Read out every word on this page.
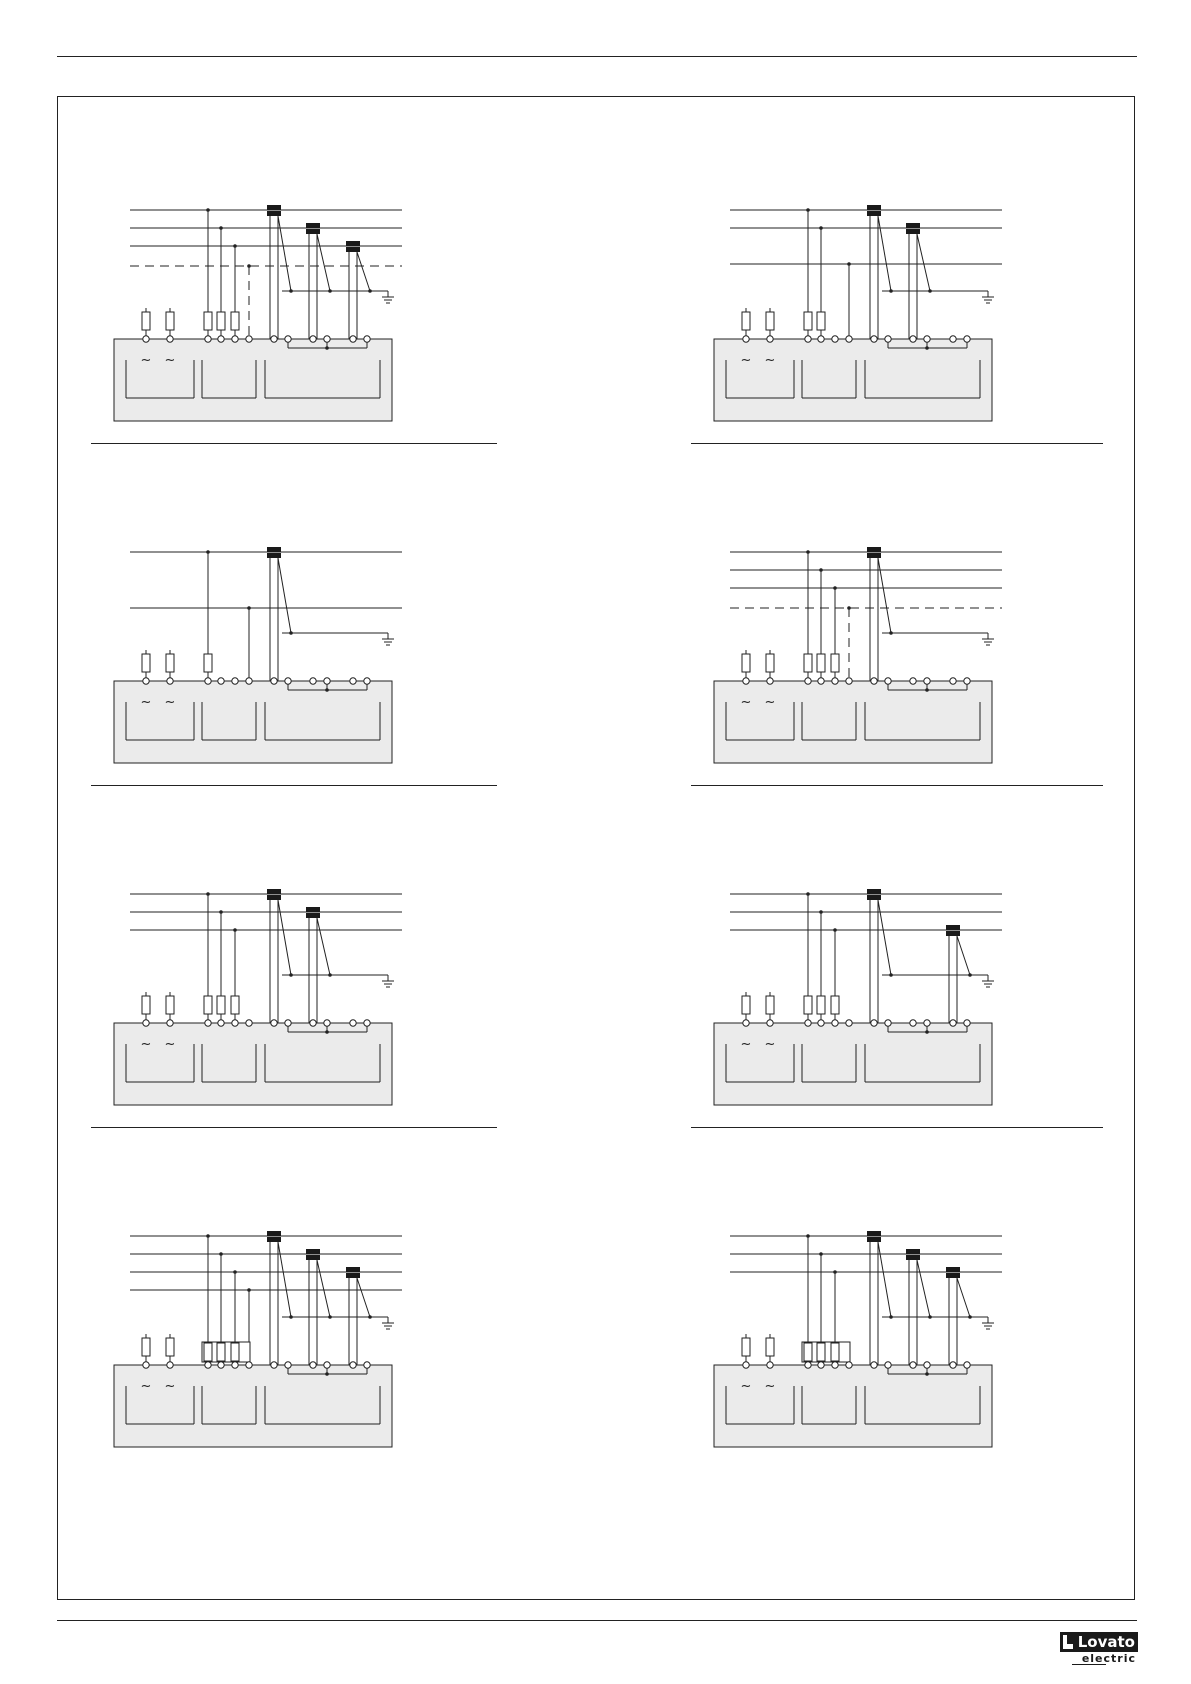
~ ~	~ ~
~ ~	~ ~
~ ~	~ ~
~ ~	~ ~
Lovato
electric
